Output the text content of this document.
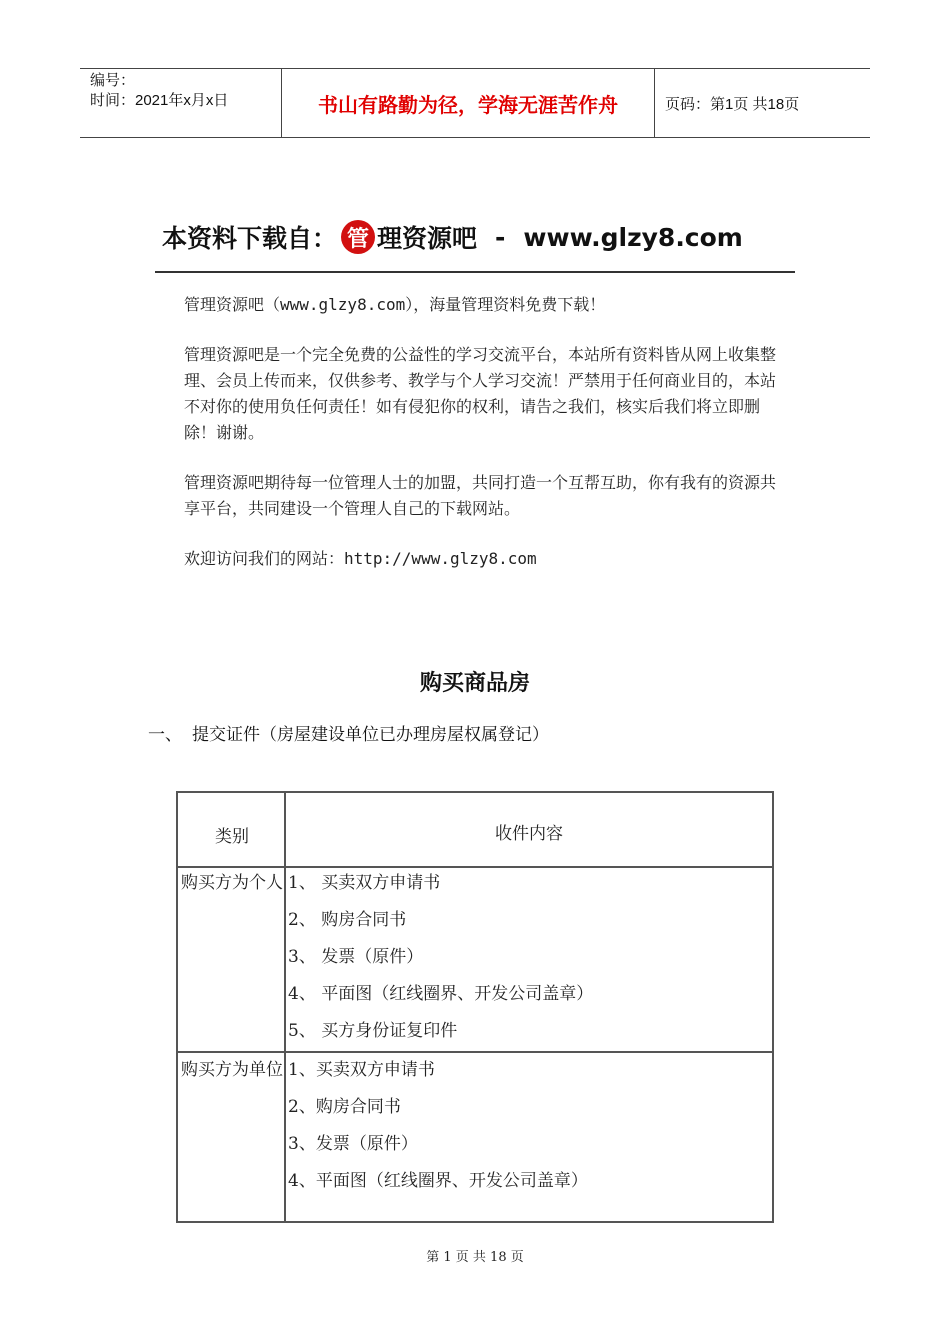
编号：
时间：2021年x月x日	书山有路勤为径，学海无涯苦作舟	页码：第1页 共18页
本资料下载自： 管 理资源吧 - www.glzy8.com

管理资源吧（www.glzy8.com），海量管理资料免费下载！

管理资源吧是一个完全免费的公益性的学习交流平台，本站所有资料皆从网上收集整理、会员上传而来，仅供参考、教学与个人学习交流！严禁用于任何商业目的，本站不对你的使用负任何责任！如有侵犯你的权利，请告之我们，核实后我们将立即删除！谢谢。

管理资源吧期待每一位管理人士的加盟，共同打造一个互帮互助，你有我有的资源共享平台，共同建设一个管理人自己的下载网站。

欢迎访问我们的网站：http://www.glzy8.com

购买商品房
一、 提交证件（房屋建设单位已办理房屋权属登记）
类别	收件内容
购买方为个人 1、 买卖双方申请书
2、 购房合同书
3、 发票（原件）
4、 平面图（红线圈界、开发公司盖章）
5、 买方身份证复印件
购买方为单位 1、买卖双方申请书
2、购房合同书
3、发票（原件）
4、平面图（红线圈界、开发公司盖章）
第 1 页 共 18 页
